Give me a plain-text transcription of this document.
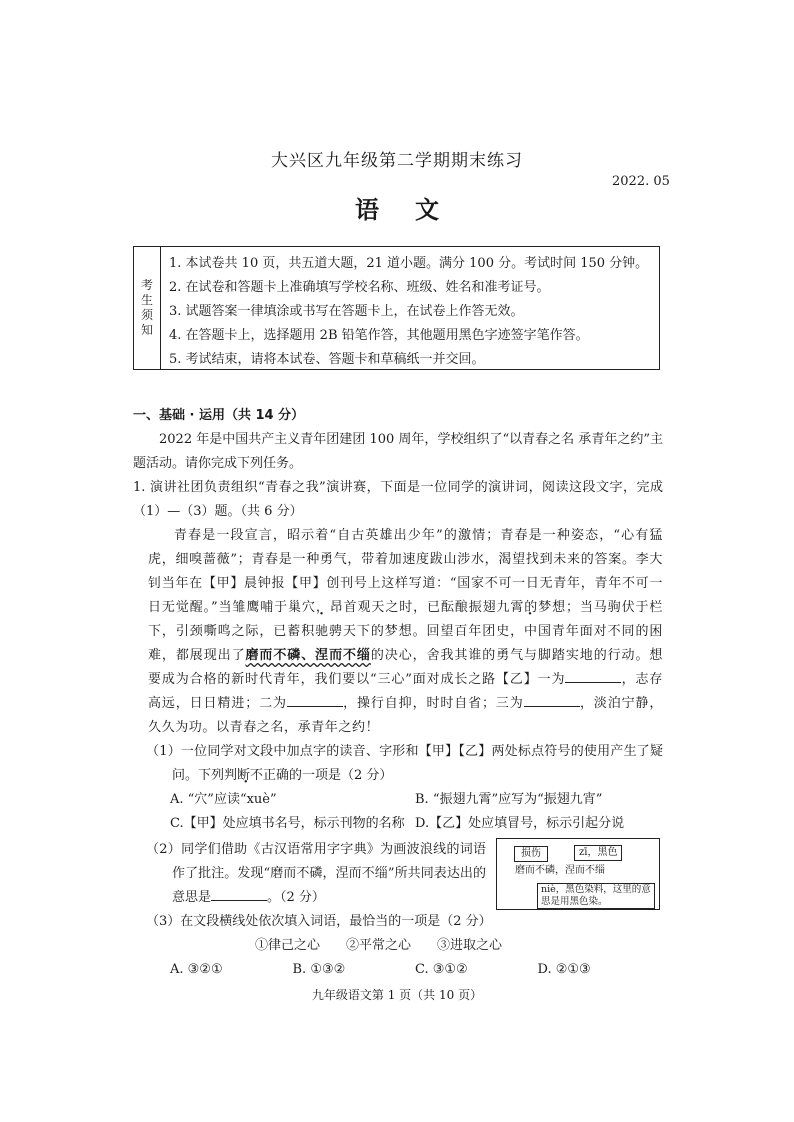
大兴区九年级第二学期期末练习
2022. 05
语文
考
生
须
知
1. 本试卷共 10 页，共五道大题，21 道小题。满分 100 分。考试时间 150 分钟。
2. 在试卷和答题卡上准确填写学校名称、班级、姓名和准考证号。
3. 试题答案一律填涂或书写在答题卡上，在试卷上作答无效。
4. 在答题卡上，选择题用 2B 铅笔作答，其他题用黑色字迹签字笔作答。
5. 考试结束，请将本试卷、答题卡和草稿纸一并交回。
一、基础 · 运用（共 14 分）
2022 年是中国共产主义青年团建团 100 周年，学校组织了“以青春之名 承青年之约”主题活动。请你完成下列任务。
1. 演讲社团负责组织“青春之我”演讲赛，下面是一位同学的演讲词，阅读这段文字，完成（1）—（3）题。（共 6 分）
青春是一段宣言，昭示着“自古英雄出少年”的激情；青春是一种姿态，“心有猛虎，细嗅蔷薇”；青春是一种勇气，带着加速度跋山涉水，渴望找到未来的答案。李大钊当年在【甲】晨钟报【甲】创刊号上这样写道：“国家不可一日无青年，青年不可一日无觉醒。”当雏鹰哺于巢穴，昂首观天之时，已酝酿振翅九霄的梦想；当马驹伏于栏下，引颈嘶鸣之际，已蓄积驰骋天下的梦想。回望百年团史，中国青年面对不同的困难，都展现出了磨而不磷、涅而不缁的决心，舍我其谁的勇气与脚踏实地的行动。想要成为合格的新时代青年，我们要以“三心”面对成长之路【乙】一为	，志存高远，日日精进；二为	，操行自抑，时时自省；三为	，淡泊宁静，久久为功。以青春之名，承青年之约！
（1）一位同学对文段中加点字的读音、字形和【甲】【乙】两处标点符号的使用产生了疑问。下列判断不正确的一项是（2 分）
A. “穴”应读“xuè”	B. “振翅九霄”应写为“振翅九宵”
C.【甲】处应填书名号，标示刊物的名称 D.【乙】处应填冒号，标示引起分说
（2）同学们借助《古汉语常用字字典》为画波浪线的词语作了批注。发现“磨而不磷，涅而不缁”所共同表达出的意思是	。（2 分）
损伤	zī，黑色
磨而不磷，涅而不缁
niè，黑色染料，这里的意思是用黑色染。
（3）在文段横线处依次填入词语，最恰当的一项是（2 分）
①律己之心　　②平常之心　　③进取之心
A. ③②①	B. ①③②	C. ③①②	D. ②①③
九年级语文第 1 页（共 10 页）
